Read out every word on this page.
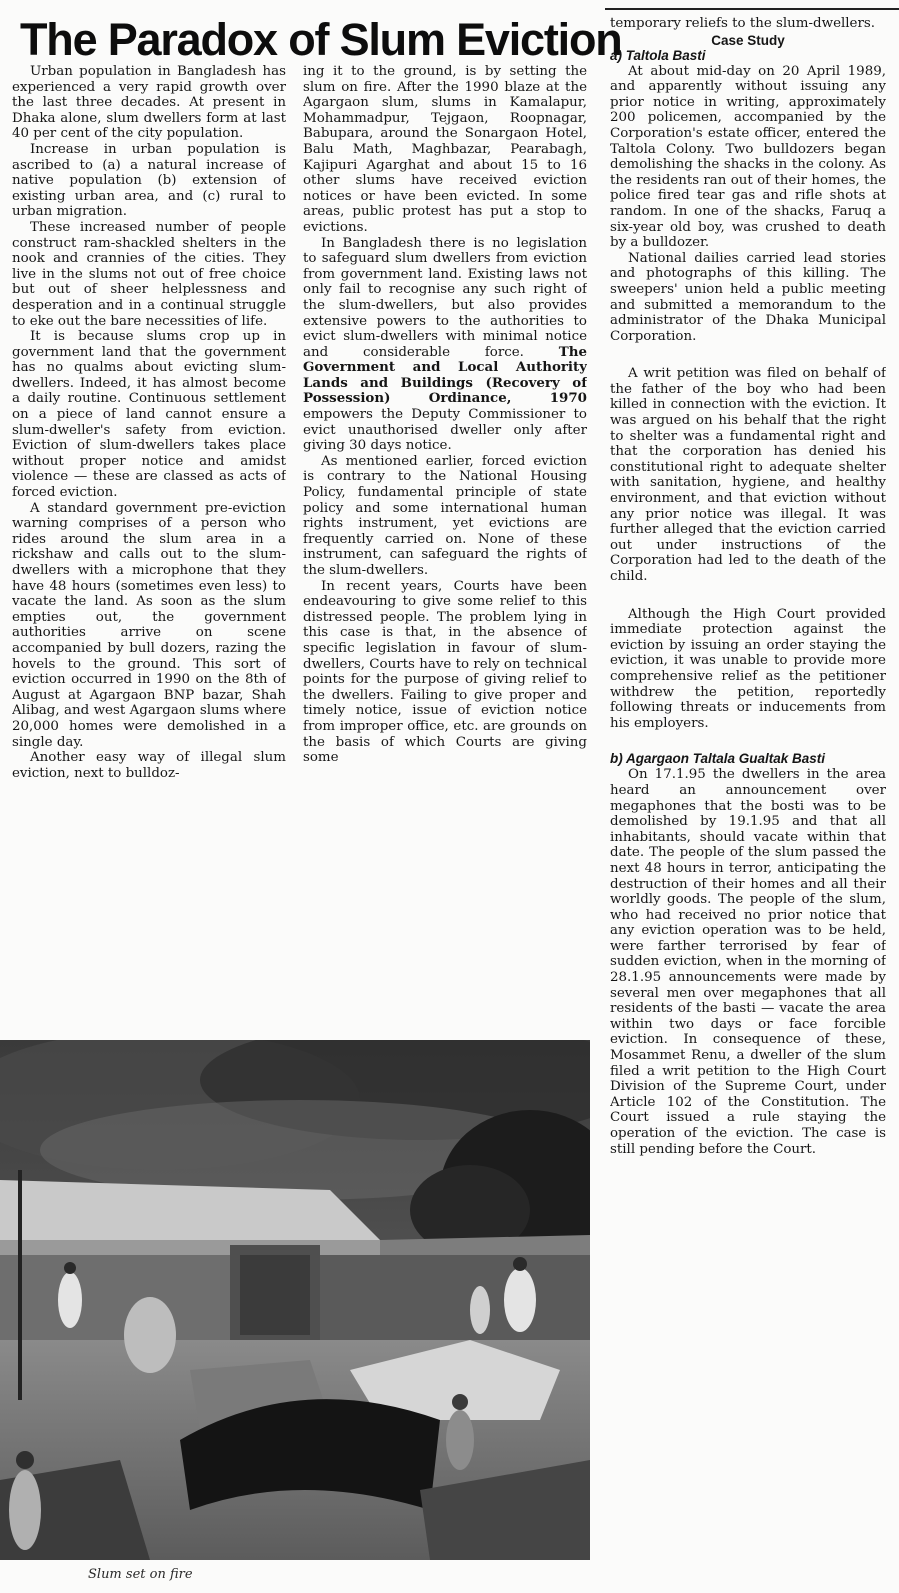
The Paradox of Slum Eviction

Urban population in Bangladesh has experienced a very rapid growth over the last three decades. At present in Dhaka alone, slum dwellers form at last 40 per cent of the city population.

Increase in urban population is ascribed to (a) a natural increase of native population (b) extension of existing urban area, and (c) rural to urban migration.

These increased number of people construct ram-shackled shelters in the nook and crannies of the cities. They live in the slums not out of free choice but out of sheer helplessness and desperation and in a continual struggle to eke out the bare necessities of life.

It is because slums crop up in government land that the government has no qualms about evicting slum-dwellers. Indeed, it has almost become a daily routine. Continuous settlement on a piece of land cannot ensure a slum-dweller's safety from eviction. Eviction of slum-dwellers takes place without proper notice and amidst violence — these are classed as acts of forced eviction.

A standard government pre-eviction warning comprises of a person who rides around the slum area in a rickshaw and calls out to the slum-dwellers with a microphone that they have 48 hours (sometimes even less) to vacate the land. As soon as the slum empties out, the government authorities arrive on scene accompanied by bull dozers, razing the hovels to the ground. This sort of eviction occurred in 1990 on the 8th of August at Agargaon BNP bazar, Shah Alibag, and west Agargaon slums where 20,000 homes were demolished in a single day.

Another easy way of illegal slum eviction, next to bulldoz-

ing it to the ground, is by setting the slum on fire. After the 1990 blaze at the Agargaon slum, slums in Kamalapur, Mohammadpur, Tejgaon, Roopnagar, Babupara, around the Sonargaon Hotel, Balu Math, Maghbazar, Pearabagh, Kajipuri Agarghat and about 15 to 16 other slums have received eviction notices or have been evicted. In some areas, public protest has put a stop to evictions.

In Bangladesh there is no legislation to safeguard slum dwellers from eviction from government land. Existing laws not only fail to recognise any such right of the slum-dwellers, but also provides extensive powers to the authorities to evict slum-dwellers with minimal notice and considerable force.	The Government and Local Authority Lands and Buildings (Recovery of Possession) Ordinance, 1970 empowers the Deputy Commissioner to evict unauthorised dweller only after giving 30 days notice.

As mentioned earlier, forced eviction is contrary to the National Housing Policy, fundamental principle of state policy and some international human rights instrument, yet evictions are frequently carried on. None of these instrument, can safeguard the rights of the slum-dwellers.

In recent years, Courts have been endeavouring to give some relief to this distressed people. The problem lying in this case is that, in the absence of specific legislation in favour of slum-dwellers, Courts have to rely on technical points for the purpose of giving relief to the dwellers. Failing to give proper and timely notice, issue of eviction notice from improper office, etc. are grounds on the basis of which Courts are giving some

temporary reliefs to the slum-dwellers.

Case Study
a) Taltola Basti

At about mid-day on 20 April 1989, and apparently without issuing any prior notice in writing, approximately 200 policemen, accompanied by the Corporation's estate officer, entered the Taltola Colony. Two bulldozers began demolishing the shacks in the colony. As the residents ran out of their homes, the police fired tear gas and rifle shots at random. In one of the shacks, Faruq a six-year old boy, was crushed to death by a bulldozer.

National dailies carried lead stories and photographs of this killing. The sweepers' union held a public meeting and submitted a memorandum to the administrator of the Dhaka Municipal Corporation.

A writ petition was filed on behalf of the father of the boy who had been killed in connection with the eviction. It was argued on his behalf that the right to shelter was a fundamental right and that the corporation has denied his constitutional right to adequate shelter with sanitation, hygiene, and healthy environment, and that eviction without any prior notice was illegal. It was further alleged that the eviction carried out under instructions of the Corporation had led to the death of the child.

Although the High Court provided immediate protection against the eviction by issuing an order staying the eviction, it was unable to provide more comprehensive relief as the petitioner withdrew the petition, reportedly following threats or inducements from his employers.

b) Agargaon Taltala Gualtak Basti

On 17.1.95 the dwellers in the area heard an announcement over megaphones that the bosti was to be demolished by 19.1.95 and that all inhabitants, should vacate within that date. The people of the slum passed the next 48 hours in terror, anticipating the destruction of their homes and all their worldly goods. The people of the slum, who had received no prior notice that any eviction operation was to be held, were farther terrorised by fear of sudden eviction, when in the morning of 28.1.95 announcements were made by several men over megaphones that all residents of the basti — vacate the area within two days or face forcible eviction. In consequence of these, Mosammet Renu, a dweller of the slum filed a writ petition to the High Court Division of the Supreme Court, under Article 102 of the Constitution. The Court issued a rule staying the operation of the eviction. The case is still pending before the Court.

Slum set on fire
